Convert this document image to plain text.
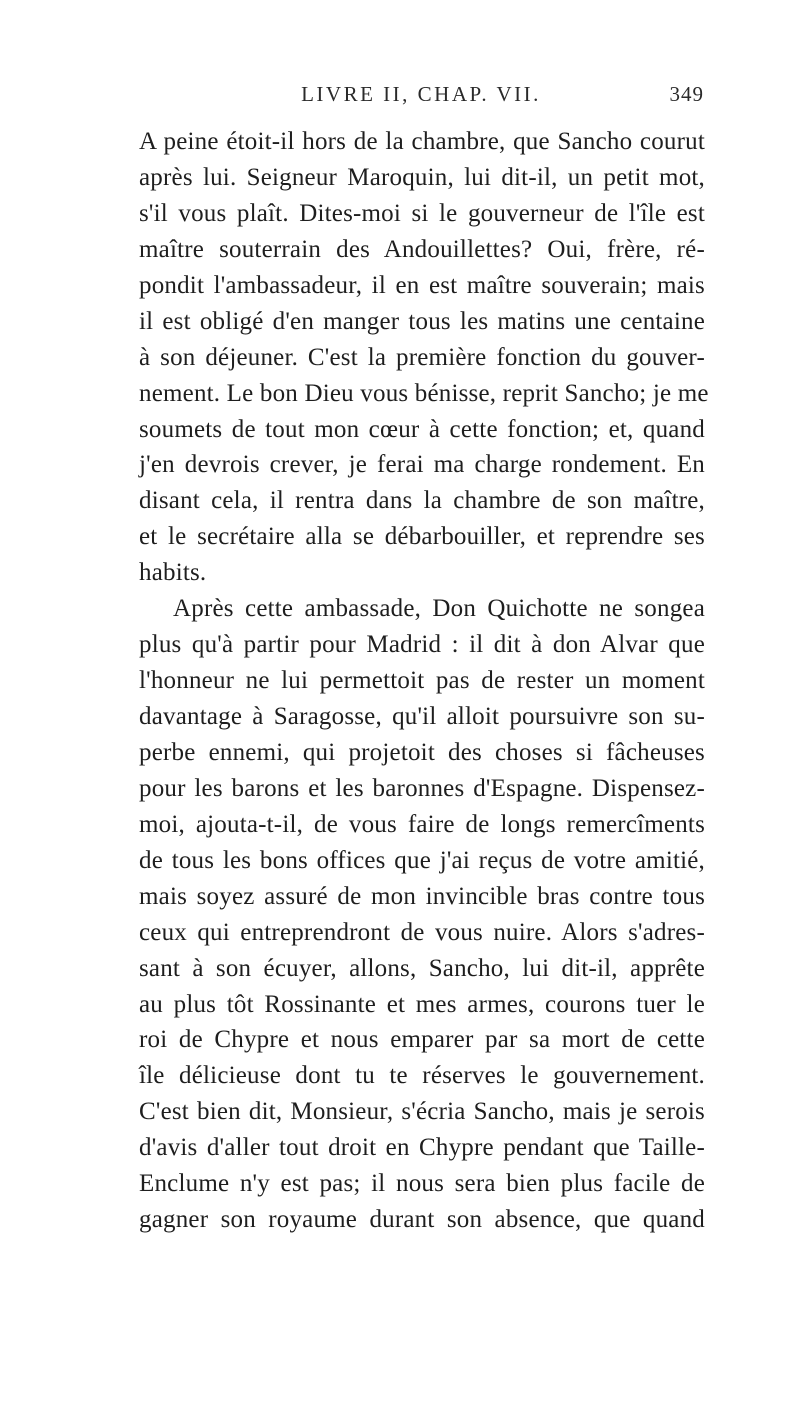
LIVRE II, CHAP. VII.	349
A peine étoit-il hors de la chambre, que Sancho courut
après lui. Seigneur Maroquin, lui dit-il, un petit mot,
s'il vous plaît. Dites-moi si le gouverneur de l'île est
maître souterrain des Andouillettes? Oui, frère, ré-
pondit l'ambassadeur, il en est maître souverain; mais
il est obligé d'en manger tous les matins une centaine
à son déjeuner. C'est la première fonction du gouver-
nement. Le bon Dieu vous bénisse, reprit Sancho; je me
soumets de tout mon cœur à cette fonction; et, quand
j'en devrois crever, je ferai ma charge rondement. En
disant cela, il rentra dans la chambre de son maître,
et le secrétaire alla se débarbouiller, et reprendre ses
habits.
Après cette ambassade, Don Quichotte ne songea
plus qu'à partir pour Madrid : il dit à don Alvar que
l'honneur ne lui permettoit pas de rester un moment
davantage à Saragosse, qu'il alloit poursuivre son su-
perbe ennemi, qui projetoit des choses si fâcheuses
pour les barons et les baronnes d'Espagne. Dispensez-
moi, ajouta-t-il, de vous faire de longs remercîments
de tous les bons offices que j'ai reçus de votre amitié,
mais soyez assuré de mon invincible bras contre tous
ceux qui entreprendront de vous nuire. Alors s'adres-
sant à son écuyer, allons, Sancho, lui dit-il, apprête
au plus tôt Rossinante et mes armes, courons tuer le
roi de Chypre et nous emparer par sa mort de cette
île délicieuse dont tu te réserves le gouvernement.
C'est bien dit, Monsieur, s'écria Sancho, mais je serois
d'avis d'aller tout droit en Chypre pendant que Taille-
Enclume n'y est pas; il nous sera bien plus facile de
gagner son royaume durant son absence, que quand
